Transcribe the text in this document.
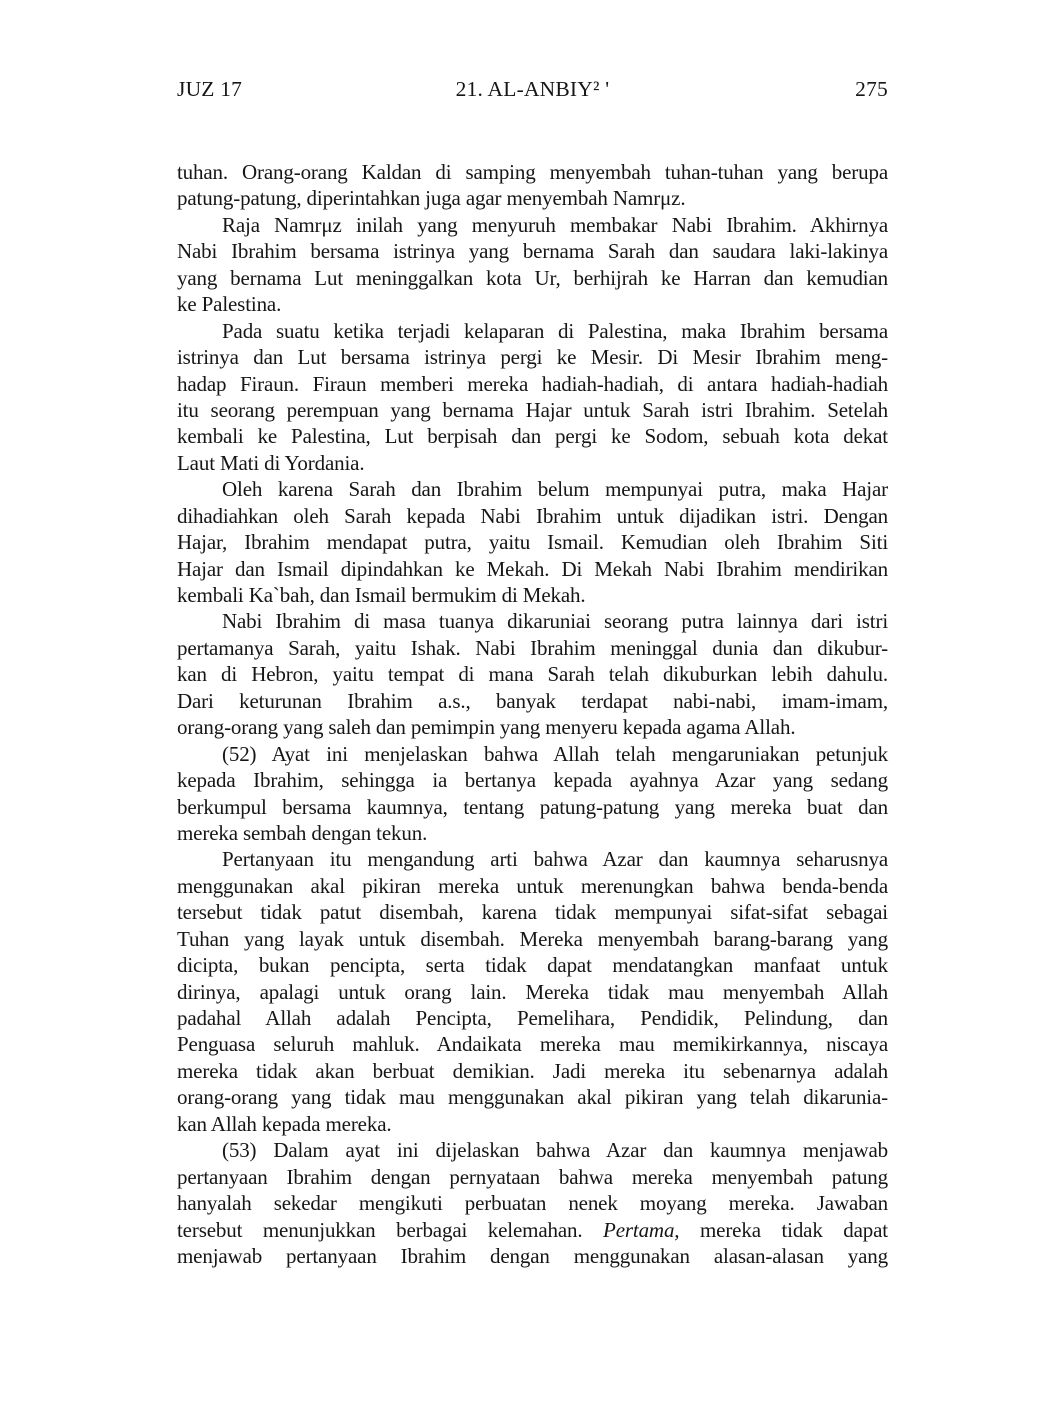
JUZ 17	21. AL-ANBIY² '	275
tuhan. Orang-orang Kaldan di samping menyembah tuhan-tuhan yang berupa
patung-patung, diperintahkan juga agar menyembah Namrμz.
Raja Namrμz inilah yang menyuruh membakar Nabi Ibrahim. Akhirnya
Nabi Ibrahim bersama istrinya yang bernama Sarah dan saudara laki-lakinya
yang bernama Lut meninggalkan kota Ur, berhijrah ke Harran dan kemudian
ke Palestina.
Pada suatu ketika terjadi kelaparan di Palestina, maka Ibrahim bersama
istrinya dan Lut bersama istrinya pergi ke Mesir. Di Mesir Ibrahim meng-
hadap Firaun. Firaun memberi mereka hadiah-hadiah, di antara hadiah-hadiah
itu seorang perempuan yang bernama Hajar untuk Sarah istri Ibrahim. Setelah
kembali ke Palestina, Lut berpisah dan pergi ke Sodom, sebuah kota dekat
Laut Mati di Yordania.
Oleh karena Sarah dan Ibrahim belum mempunyai putra, maka Hajar
dihadiahkan oleh Sarah kepada Nabi Ibrahim untuk dijadikan istri. Dengan
Hajar, Ibrahim mendapat putra, yaitu Ismail. Kemudian oleh Ibrahim Siti
Hajar dan Ismail dipindahkan ke Mekah. Di Mekah Nabi Ibrahim mendirikan
kembali Ka`bah, dan Ismail bermukim di Mekah.
Nabi Ibrahim di masa tuanya dikaruniai seorang putra lainnya dari istri
pertamanya Sarah, yaitu Ishak. Nabi Ibrahim meninggal dunia dan dikubur-
kan di Hebron, yaitu tempat di mana Sarah telah dikuburkan lebih dahulu.
Dari keturunan Ibrahim a.s., banyak terdapat nabi-nabi, imam-imam,
orang-orang yang saleh dan pemimpin yang menyeru kepada agama Allah.
(52) Ayat ini menjelaskan bahwa Allah telah mengaruniakan petunjuk
kepada Ibrahim, sehingga ia bertanya kepada ayahnya Azar yang sedang
berkumpul bersama kaumnya, tentang patung-patung yang mereka buat dan
mereka sembah dengan tekun.
Pertanyaan itu mengandung arti bahwa Azar dan kaumnya seharusnya
menggunakan akal pikiran mereka untuk merenungkan bahwa benda-benda
tersebut tidak patut disembah, karena tidak mempunyai sifat-sifat sebagai
Tuhan yang layak untuk disembah. Mereka menyembah barang-barang yang
dicipta, bukan pencipta, serta tidak dapat mendatangkan manfaat untuk
dirinya, apalagi untuk orang lain. Mereka tidak mau menyembah Allah
padahal Allah adalah Pencipta, Pemelihara, Pendidik, Pelindung, dan
Penguasa seluruh mahluk. Andaikata mereka mau memikirkannya, niscaya
mereka tidak akan berbuat demikian. Jadi mereka itu sebenarnya adalah
orang-orang yang tidak mau menggunakan akal pikiran yang telah dikarunia-
kan Allah kepada mereka.
(53) Dalam ayat ini dijelaskan bahwa Azar dan kaumnya menjawab
pertanyaan Ibrahim dengan pernyataan bahwa mereka menyembah patung
hanyalah sekedar mengikuti perbuatan nenek moyang mereka. Jawaban
tersebut menunjukkan berbagai kelemahan. Pertama, mereka tidak dapat
menjawab pertanyaan Ibrahim dengan menggunakan alasan-alasan yang
